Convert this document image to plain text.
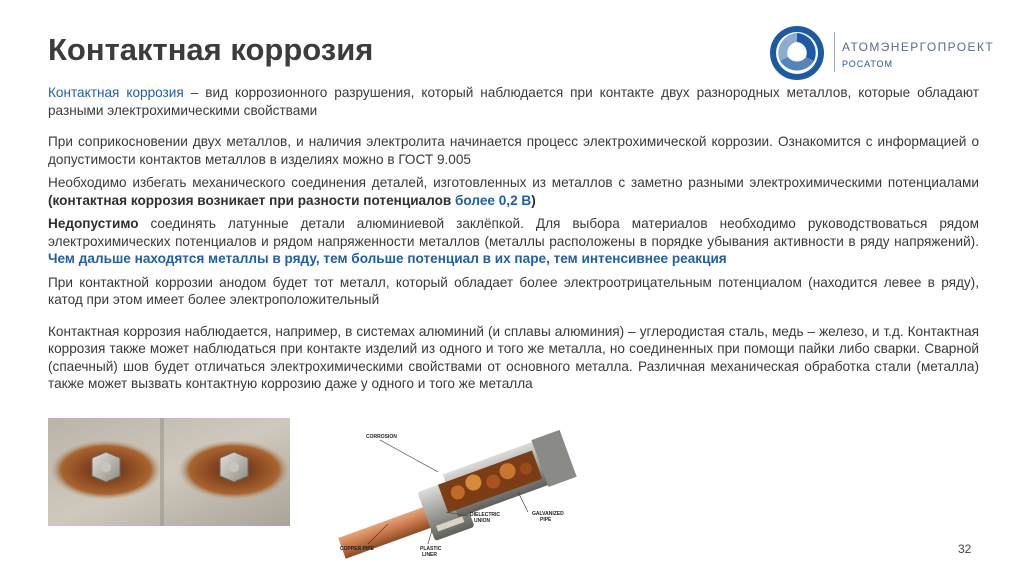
Контактная коррозия	АТОМЭНЕРГОПРОЕКТ
РОСАТОМ

Контактная коррозия – вид коррозионного разрушения, который наблюдается при контакте двух разнородных металлов, которые обладают разными электрохимическими свойствами

При соприкосновении двух металлов, и наличия электролита начинается процесс электрохимической коррозии. Ознакомится с информацией о допустимости контактов металлов в изделиях можно в ГОСТ 9.005

Необходимо избегать механического соединения деталей, изготовленных из металлов с заметно разными электрохимическими потенциалами (контактная коррозия возникает при разности потенциалов более 0,2 В)

Недопустимо соединять латунные детали алюминиевой заклёпкой. Для выбора материалов необходимо руководствоваться рядом электрохимических потенциалов и рядом напряженности металлов (металлы расположены в порядке убывания активности в ряду напряжений). Чем дальше находятся металлы в ряду, тем больше потенциал в их паре, тем интенсивнее реакция

При контактной коррозии анодом будет тот металл, который обладает более электроотрицательным потенциалом (находится левее в ряду), катод при этом имеет более электроположительный

Контактная коррозия наблюдается, например, в системах алюминий (и сплавы алюминия) – углеродистая сталь, медь – железо, и т.д. Контактная коррозия также может наблюдаться при контакте изделий из одного и того же металла, но соединенных при помощи пайки либо сварки. Сварной (спаечный) шов будет отличаться электрохимическими свойствами от основного металла. Различная механическая обработка стали (металла) также может вызвать контактную коррозию даже у одного и того же металла

CORROSION
GALVANIZED
PIPE
DIELECTRIC
UNION
COPPER PIPE	PLASTIC
LINER	32
